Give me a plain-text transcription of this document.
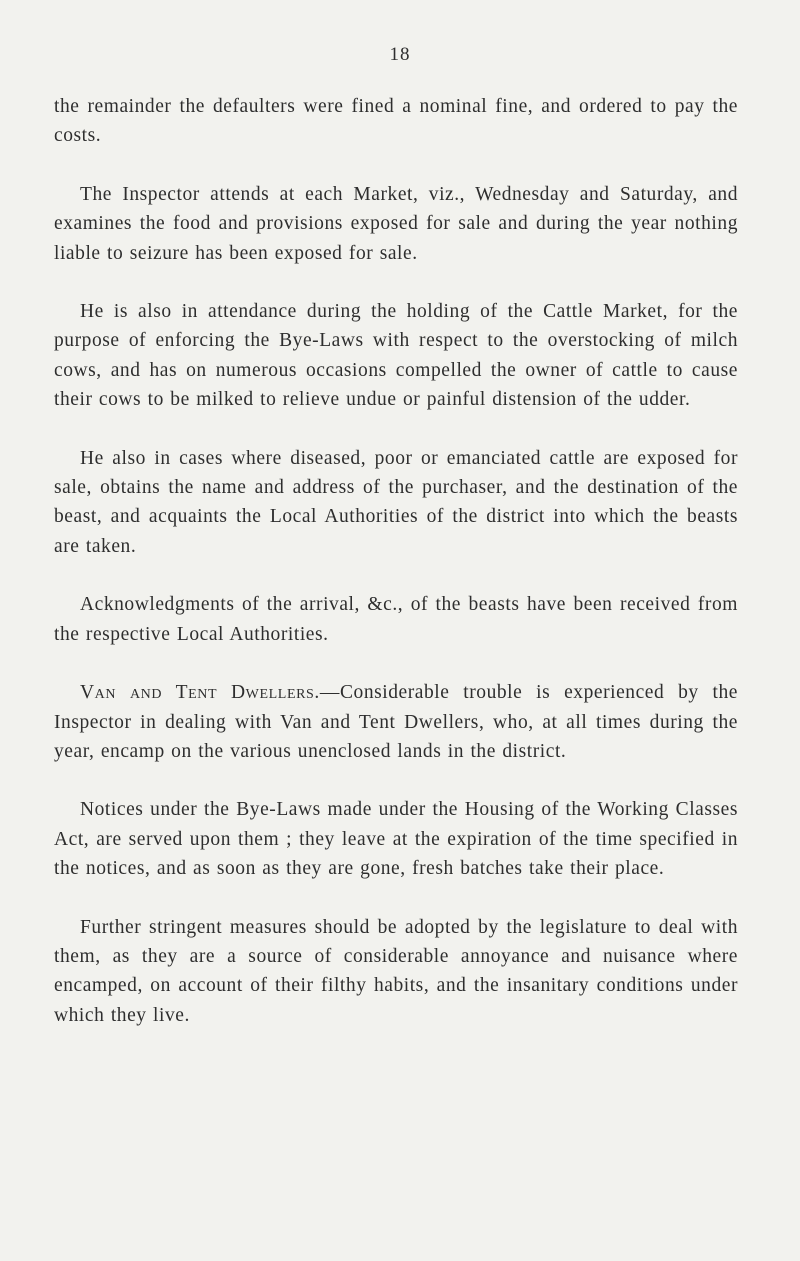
18

the remainder the defaulters were fined a nominal fine, and ordered to pay the costs.

The Inspector attends at each Market, viz., Wednesday and Saturday, and examines the food and provisions exposed for sale and during the year nothing liable to seizure has been exposed for sale.

He is also in attendance during the holding of the Cattle Market, for the purpose of enforcing the Bye-Laws with respect to the overstocking of milch cows, and has on numerous occasions compelled the owner of cattle to cause their cows to be milked to relieve undue or painful distension of the udder.

He also in cases where diseased, poor or emanciated cattle are exposed for sale, obtains the name and address of the purchaser, and the destination of the beast, and acquaints the Local Authorities of the district into which the beasts are taken.

Acknowledgments of the arrival, &c., of the beasts have been received from the respective Local Authorities.

Van and Tent Dwellers.—Considerable trouble is experienced by the Inspector in dealing with Van and Tent Dwellers, who, at all times during the year, encamp on the various unenclosed lands in the district.

Notices under the Bye-Laws made under the Housing of the Working Classes Act, are served upon them ; they leave at the expiration of the time specified in the notices, and as soon as they are gone, fresh batches take their place.

Further stringent measures should be adopted by the legislature to deal with them, as they are a source of considerable annoyance and nuisance where encamped, on account of their filthy habits, and the insanitary conditions under which they live.
